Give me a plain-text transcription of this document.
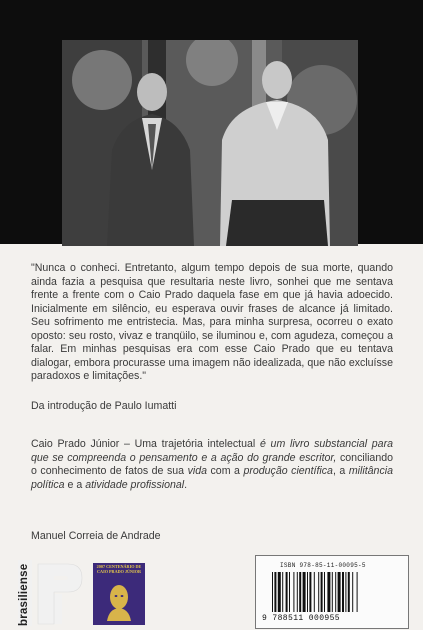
"Nunca o conheci. Entretanto, algum tempo depois de sua morte, quando ainda fazia a pesquisa que resultaria neste livro, sonhei que me sentava frente a frente com o Caio Prado daquela fase em que já havia adoecido. Inicialmente em silêncio, eu esperava ouvir frases de alcance já limitado. Seu sofrimento me entristecia. Mas, para minha surpresa, ocorreu o exato oposto: seu rosto, vivaz e tranqüilo, se iluminou e, com agudeza, começou a falar. Em minhas pesquisas era com esse Caio Prado que eu tentava dialogar, embora procurasse uma imagem não idealizada, que não excluísse paradoxos e limitações."

Da introdução de Paulo Iumatti

Caio Prado Júnior – Uma trajetória intelectual é um livro substancial para que se compreenda o pensamento e a ação do grande escritor, conciliando o conhecimento de fatos de sua vida com a produção científica, a militância política e a atividade profissional.

Manuel Correia de Andrade

brasiliense	2007 CENTENÁRIO DE
CAIO PRADO JÚNIOR
ISBN 978-85-11-00095-5
9 788511 000955
